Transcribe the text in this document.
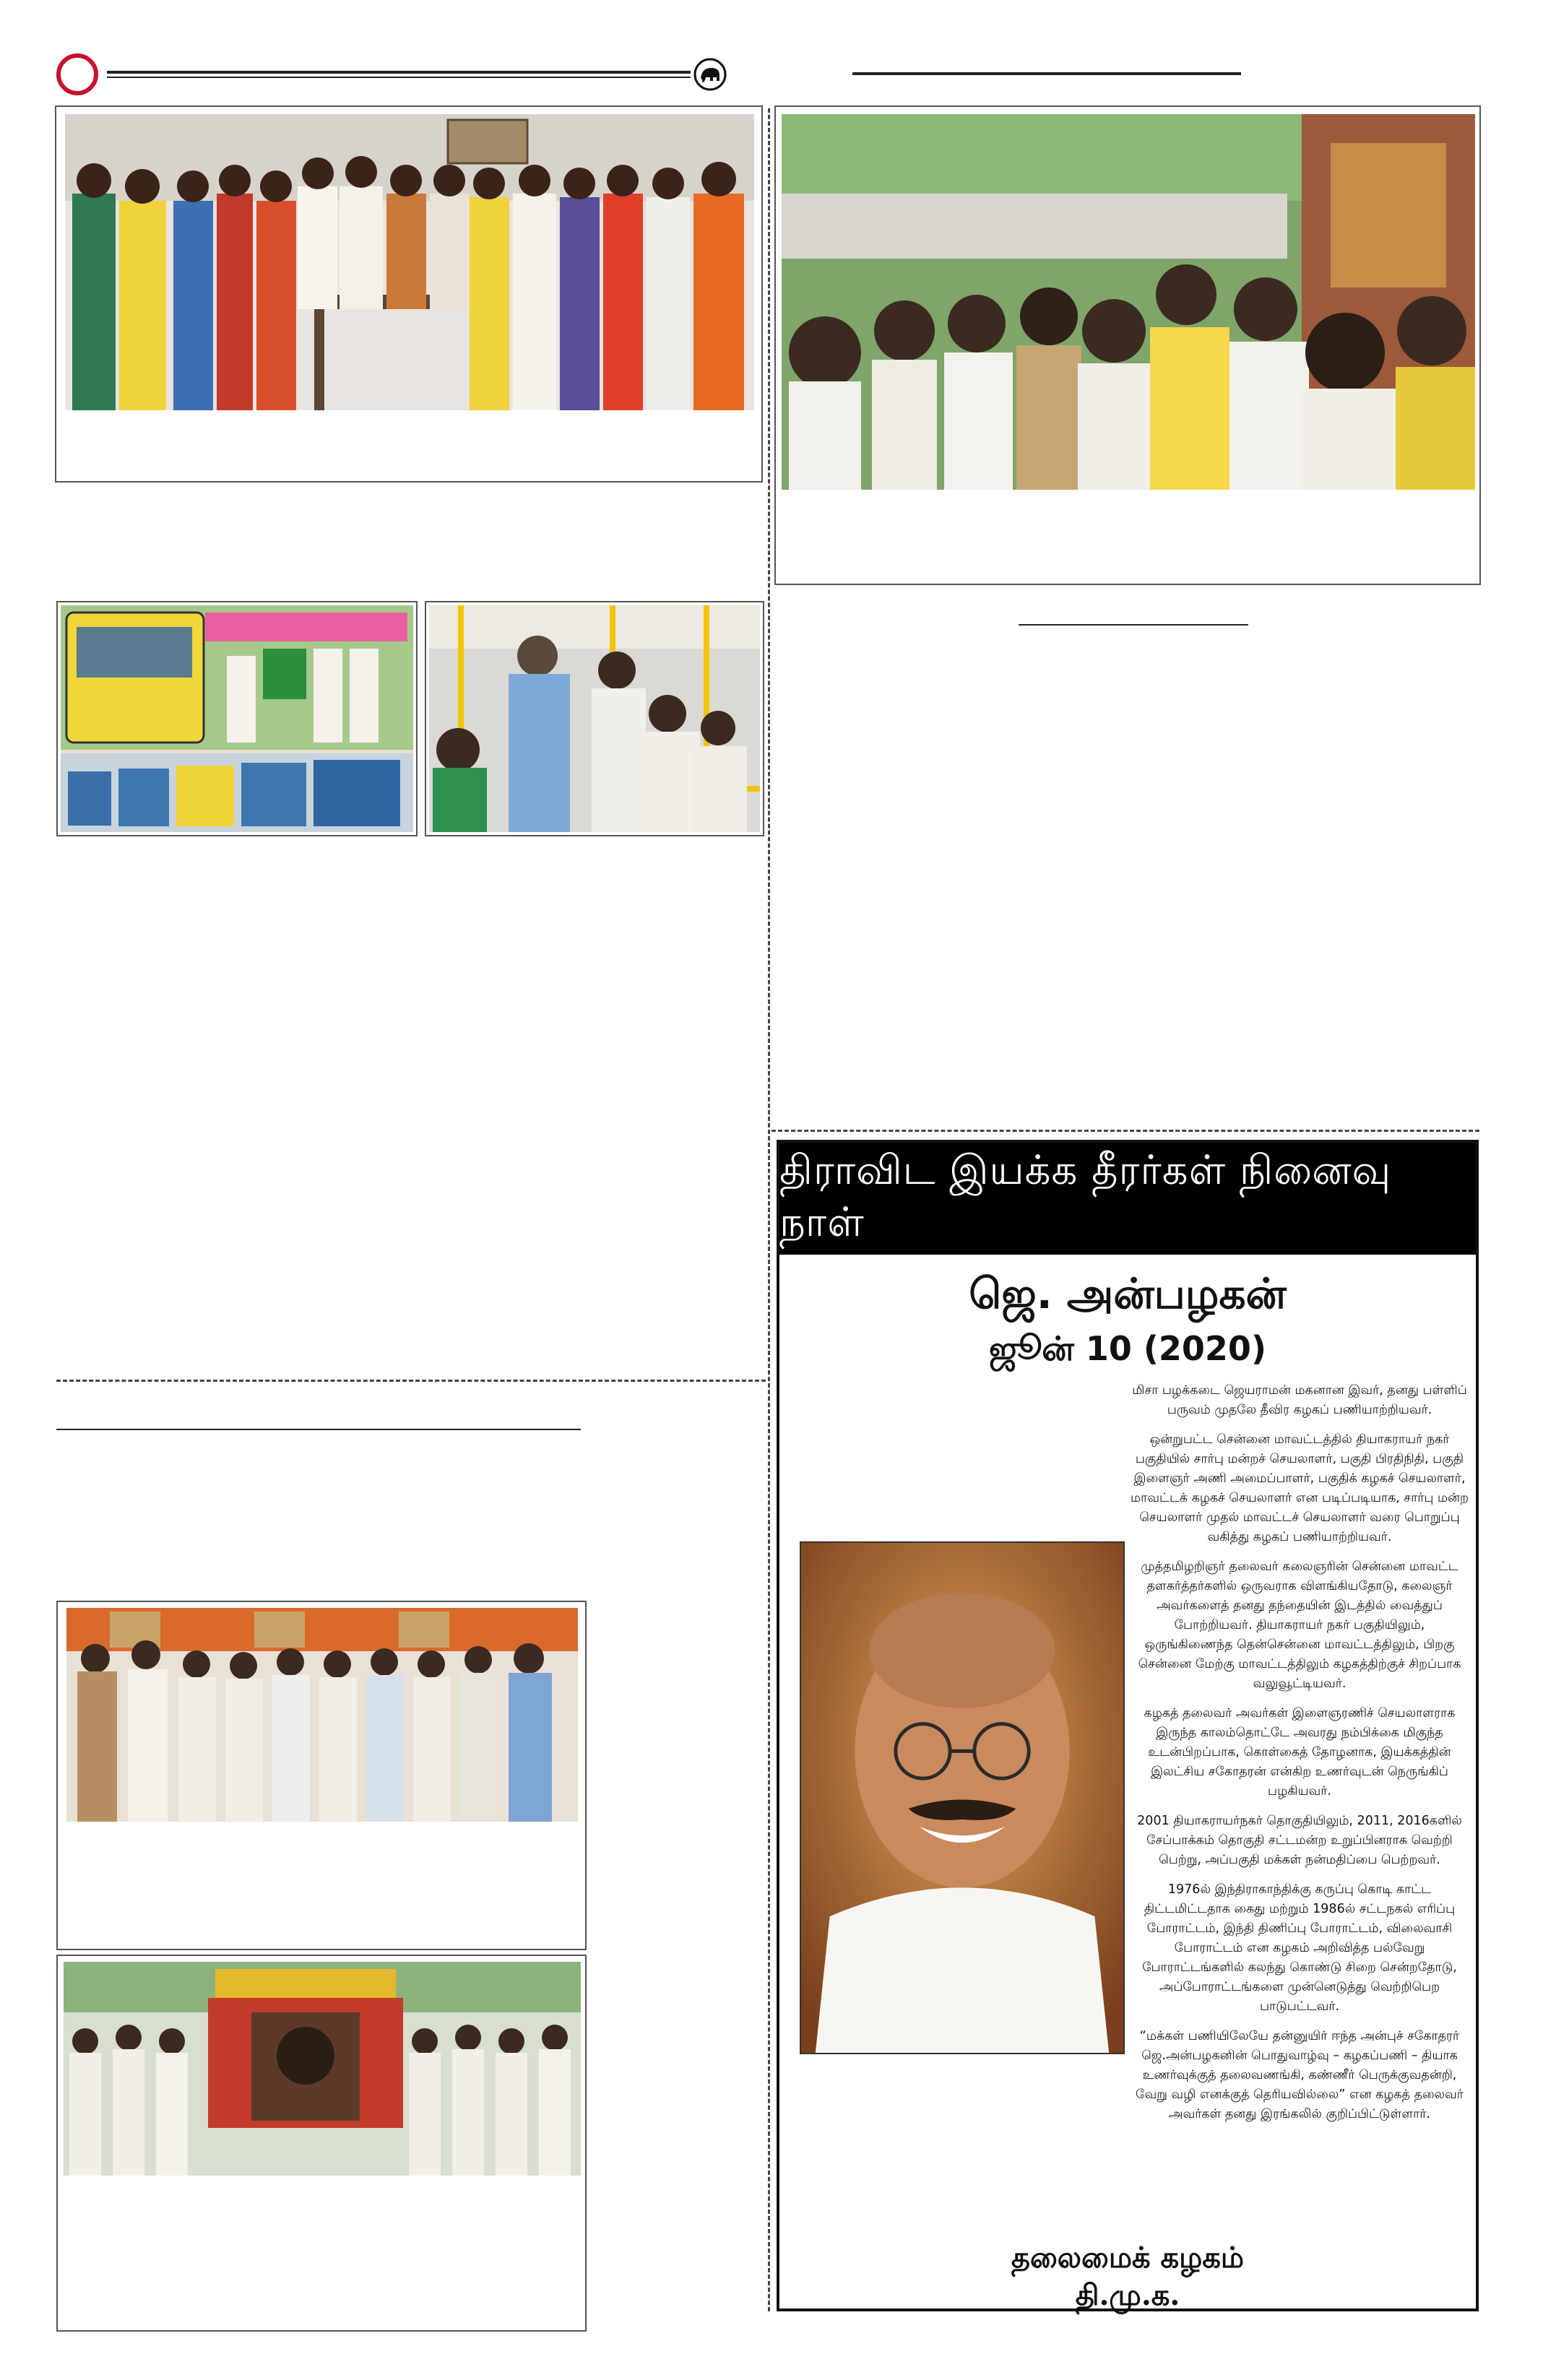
திராவிட இயக்க தீரர்கள் நினைவு நாள்
ஜெ. அன்பழகன்
ஜூன் 10 (2020)

மிசா பழக்கடை ஜெயராமன் மகனான இவர், தனது பள்ளிப் பருவம் முதலே தீவிர கழகப் பணியாற்றியவர்.

ஒன்றுபட்ட சென்னை மாவட்டத்தில் தியாகராயர் நகர் பகுதியில் சார்பு மன்றச் செயலாளர், பகுதி பிரதிநிதி, பகுதி இளைஞர் அணி அமைப்பாளர், பகுதிக் கழகச் செயலாளர், மாவட்டக் கழகச் செயலாளர் என படிப்படியாக, சார்பு மன்ற செயலாளர் முதல் மாவட்டச் செயலாளர் வரை பொறுப்பு வகித்து கழகப் பணியாற்றியவர்.

முத்தமிழறிஞர் தலைவர் கலைஞரின் சென்னை மாவட்ட தளகர்த்தர்களில் ஒருவராக விளங்கியதோடு, கலைஞர் அவர்களைத் தனது தந்தையின் இடத்தில் வைத்துப் போற்றியவர். தியாகராயர் நகர் பகுதியிலும், ஒருங்கிணைந்த தென்சென்னை மாவட்டத்திலும், பிறகு சென்னை மேற்கு மாவட்டத்திலும் கழகத்திற்குச் சிறப்பாக வலுவூட்டியவர்.

கழகத் தலைவர் அவர்கள் இளைஞரணிச் செயலாளராக இருந்த காலம்தொட்டே அவரது நம்பிக்கை மிகுந்த உடன்பிறப்பாக, கொள்கைத் தோழனாக, இயக்கத்தின் இலட்சிய சகோதரன் என்கிற உணர்வுடன் நெருங்கிப் பழகியவர்.

2001 தியாகராயர்நகர் தொகுதியிலும், 2011, 2016களில் சேப்பாக்கம் தொகுதி சட்டமன்ற உறுப்பினராக வெற்றி பெற்று, அப்பகுதி மக்கள் நன்மதிப்பை பெற்றவர்.

1976ல் இந்திராகாந்திக்கு கருப்பு கொடி காட்ட திட்டமிட்டதாக கைது மற்றும் 1986ல் சட்டநகல் எரிப்பு போராட்டம், இந்தி திணிப்பு போராட்டம், விலைவாசி போராட்டம் என கழகம் அறிவித்த பல்வேறு போராட்டங்களில் கலந்து கொண்டு சிறை சென்றதோடு, அப்போராட்டங்களை முன்னெடுத்து வெற்றிபெற பாடுபட்டவர்.

“மக்கள் பணியிலேயே தன்னுயிர் ஈந்த அன்புச் சகோதரர் ஜெ.அன்பழகனின் பொதுவாழ்வு – கழகப்பணி – தியாக உணர்வுக்குத் தலைவணங்கி, கண்ணீர் பெருக்குவதன்றி, வேறு வழி எனக்குத் தெரியவில்லை” என கழகத் தலைவர் அவர்கள் தனது இரங்கலில் குறிப்பிட்டுள்ளார்.

தலைமைக் கழகம்
தி.மு.க.
